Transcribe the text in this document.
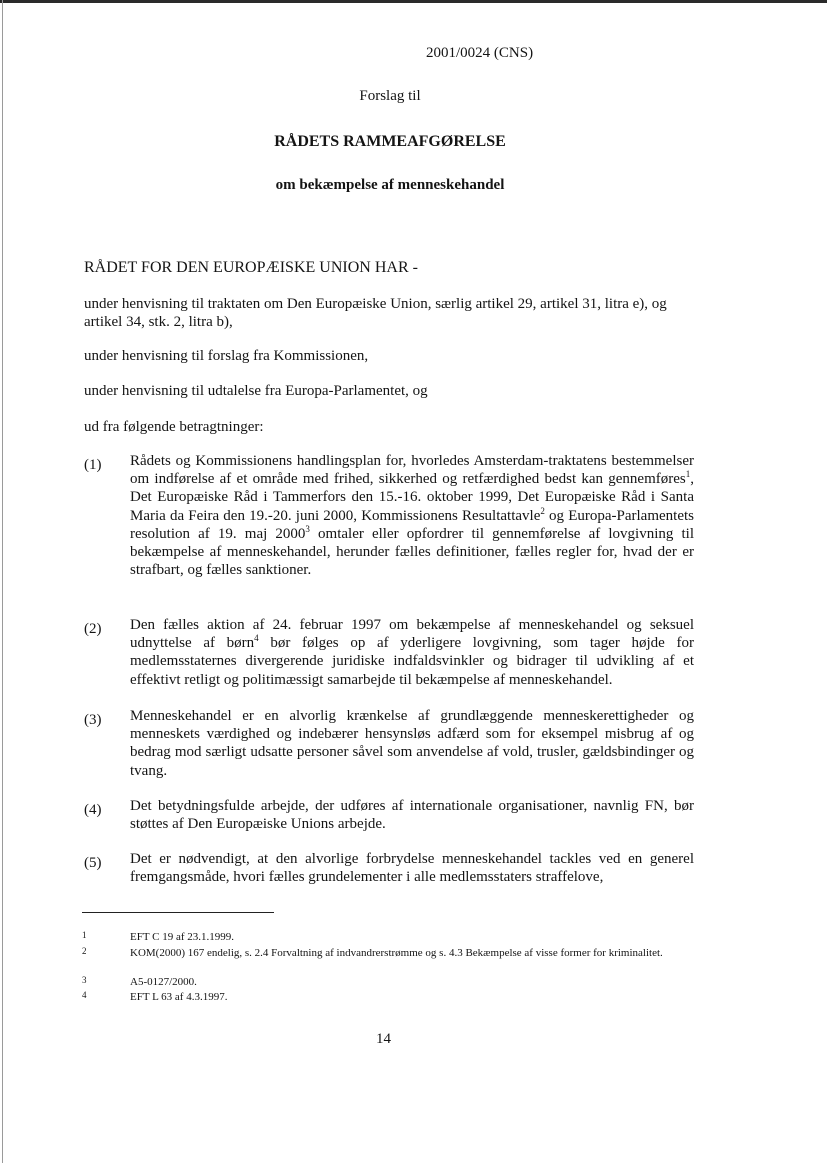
2001/0024 (CNS)
Forslag til
RÅDETS RAMMEAFGØRELSE
om bekæmpelse af menneskehandel
RÅDET FOR DEN EUROPÆISKE UNION HAR -
under henvisning til traktaten om Den Europæiske Union, særlig artikel 29, artikel 31, litra e), og artikel 34, stk. 2, litra b),
under henvisning til forslag fra Kommissionen,
under henvisning til udtalelse fra Europa-Parlamentet, og
ud fra følgende betragtninger:
(1) Rådets og Kommissionens handlingsplan for, hvorledes Amsterdam-traktatens bestemmelser om indførelse af et område med frihed, sikkerhed og retfærdighed bedst kan gennemføres$^1$, Det Europæiske Råd i Tammerfors den 15.-16. oktober 1999, Det Europæiske Råd i Santa Maria da Feira den 19.-20. juni 2000, Kommissionens Resultattavle$^2$ og Europa-Parlamentets resolution af 19. maj 2000$^3$ omtaler eller opfordrer til gennemførelse af lovgivning til bekæmpelse af menneskehandel, herunder fælles definitioner, fælles regler for, hvad der er strafbart, og fælles sanktioner.
(2) Den fælles aktion af 24. februar 1997 om bekæmpelse af menneskehandel og seksuel udnyttelse af børn$^4$ bør følges op af yderligere lovgivning, som tager højde for medlemsstaternes divergerende juridiske indfaldsvinkler og bidrager til udvikling af et effektivt retligt og politimæssigt samarbejde til bekæmpelse af menneskehandel.
(3) Menneskehandel er en alvorlig krænkelse af grundlæggende menneskerettigheder og menneskets værdighed og indebærer hensynsløs adfærd som for eksempel misbrug af og bedrag mod særligt udsatte personer såvel som anvendelse af vold, trusler, gældsbindinger og tvang.
(4) Det betydningsfulde arbejde, der udføres af internationale organisationer, navnlig FN, bør støttes af Den Europæiske Unions arbejde.
(5) Det er nødvendigt, at den alvorlige forbrydelse menneskehandel tackles ved en generel fremgangsmåde, hvori fælles grundelementer i alle medlemsstaters straffelove,
1	EFT C 19 af 23.1.1999.
2	KOM(2000) 167 endelig, s. 2.4 Forvaltning af indvandrerstrømme og s. 4.3 Bekæmpelse af visse former for kriminalitet.
3	A5-0127/2000.
4	EFT L 63 af 4.3.1997.
14
